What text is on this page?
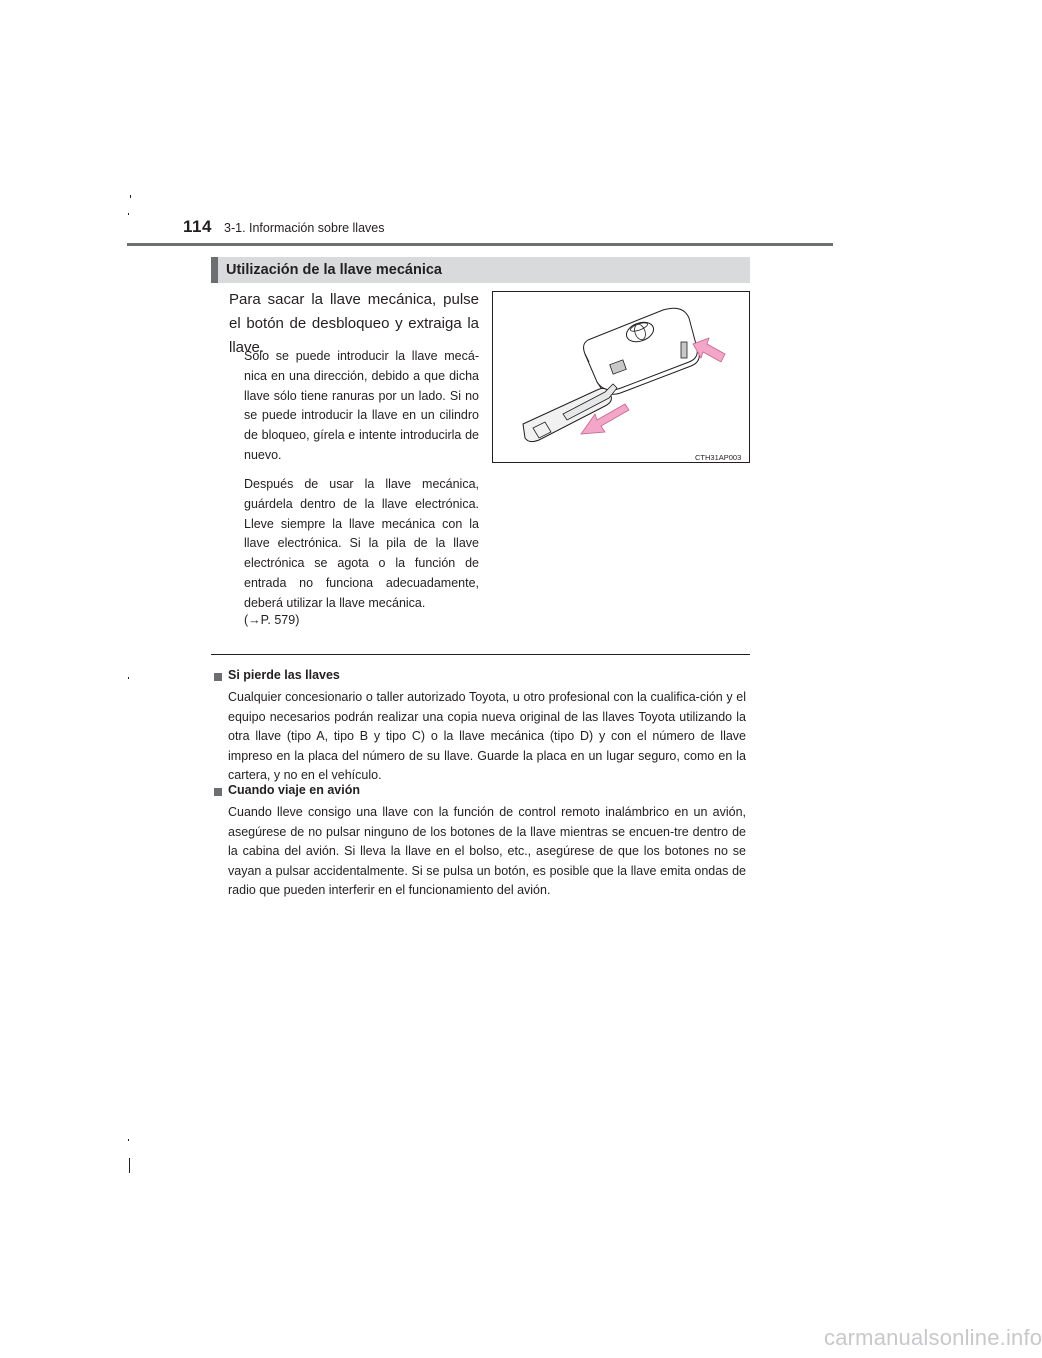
114 3-1. Información sobre llaves
Utilización de la llave mecánica

Para sacar la llave mecánica, pulse el botón de desbloqueo y extraiga la llave.

Solo se puede introducir la llave mecá-nica en una dirección, debido a que dicha llave sólo tiene ranuras por un lado. Si no se puede introducir la llave en un cilindro de bloqueo, gírela e intente introducirla de nuevo.

Después de usar la llave mecánica, guárdela dentro de la llave electrónica. Lleve siempre la llave mecánica con la llave electrónica. Si la pila de la llave electrónica se agota o la función de entrada no funciona adecuadamente, deberá utilizar la llave mecánica.

(→P. 579)

CTH31AP003
Si pierde las llaves

Cualquier concesionario o taller autorizado Toyota, u otro profesional con la cualifica-ción y el equipo necesarios podrán realizar una copia nueva original de las llaves Toyota utilizando la otra llave (tipo A, tipo B y tipo C) o la llave mecánica (tipo D) y con el número de llave impreso en la placa del número de su llave. Guarde la placa en un lugar seguro, como en la cartera, y no en el vehículo.

Cuando viaje en avión

Cuando lleve consigo una llave con la función de control remoto inalámbrico en un avión, asegúrese de no pulsar ninguno de los botones de la llave mientras se encuen-tre dentro de la cabina del avión. Si lleva la llave en el bolso, etc., asegúrese de que los botones no se vayan a pulsar accidentalmente. Si se pulsa un botón, es posible que la llave emita ondas de radio que pueden interferir en el funcionamiento del avión.

carmanualsonline.info
